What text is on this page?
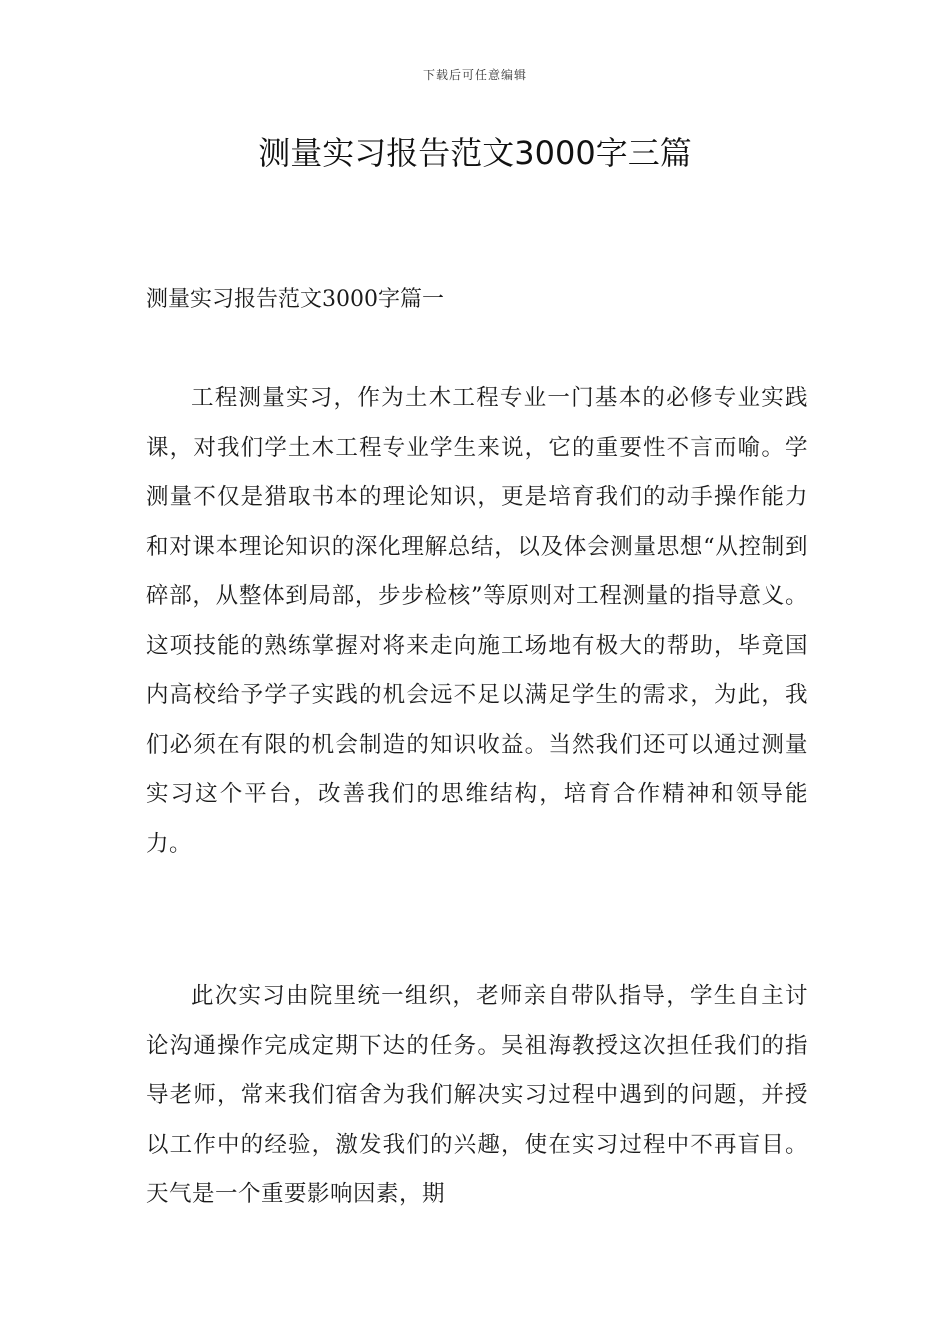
下载后可任意编辑
测量实习报告范文3000字三篇
测量实习报告范文3000字篇一

工程测量实习，作为土木工程专业一门基本的必修专业实践课，对我们学土木工程专业学生来说，它的重要性不言而喻。学测量不仅是猎取书本的理论知识，更是培育我们的动手操作能力和对课本理论知识的深化理解总结，以及体会测量思想“从控制到碎部，从整体到局部，步步检核”等原则对工程测量的指导意义。这项技能的熟练掌握对将来走向施工场地有极大的帮助，毕竟国内高校给予学子实践的机会远不足以满足学生的需求，为此，我们必须在有限的机会制造的知识收益。当然我们还可以通过测量实习这个平台，改善我们的思维结构，培育合作精神和领导能力。

此次实习由院里统一组织，老师亲自带队指导，学生自主讨论沟通操作完成定期下达的任务。吴祖海教授这次担任我们的指导老师，常来我们宿舍为我们解决实习过程中遇到的问题，并授以工作中的经验，激发我们的兴趣，使在实习过程中不再盲目。天气是一个重要影响因素，期
